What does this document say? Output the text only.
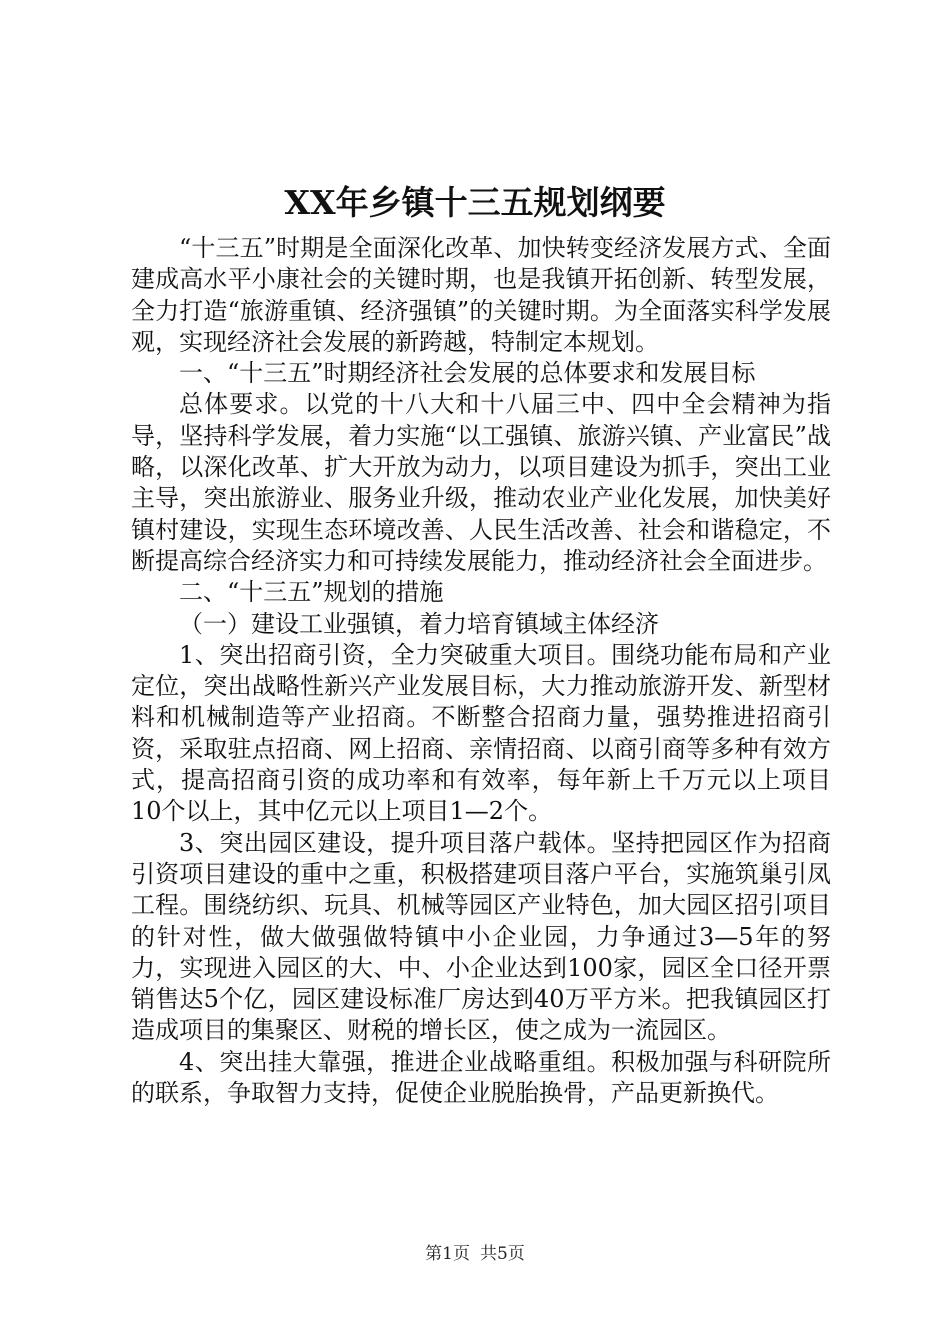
XX年乡镇十三五规划纲要

“十三五”时期是全面深化改革、加快转变经济发展方式、全面建成高水平小康社会的关键时期，也是我镇开拓创新、转型发展，全力打造“旅游重镇、经济强镇”的关键时期。为全面落实科学发展观，实现经济社会发展的新跨越，特制定本规划。

一、“十三五”时期经济社会发展的总体要求和发展目标

总体要求。以党的十八大和十八届三中、四中全会精神为指导，坚持科学发展，着力实施“以工强镇、旅游兴镇、产业富民”战略，以深化改革、扩大开放为动力，以项目建设为抓手，突出工业主导，突出旅游业、服务业升级，推动农业产业化发展，加快美好镇村建设，实现生态环境改善、人民生活改善、社会和谐稳定，不断提高综合经济实力和可持续发展能力，推动经济社会全面进步。

二、“十三五”规划的措施

（一）建设工业强镇，着力培育镇域主体经济

1、突出招商引资，全力突破重大项目。围绕功能布局和产业定位，突出战略性新兴产业发展目标，大力推动旅游开发、新型材料和机械制造等产业招商。不断整合招商力量，强势推进招商引资，采取驻点招商、网上招商、亲情招商、以商引商等多种有效方式，提高招商引资的成功率和有效率，每年新上千万元以上项目10个以上，其中亿元以上项目1—2个。

3、突出园区建设，提升项目落户载体。坚持把园区作为招商引资项目建设的重中之重，积极搭建项目落户平台，实施筑巢引凤工程。围绕纺织、玩具、机械等园区产业特色，加大园区招引项目的针对性，做大做强做特镇中小企业园，力争通过3—5年的努力，实现进入园区的大、中、小企业达到100家，园区全口径开票销售达5个亿，园区建设标准厂房达到40万平方米。把我镇园区打造成项目的集聚区、财税的增长区，使之成为一流园区。

4、突出挂大靠强，推进企业战略重组。积极加强与科研院所的联系，争取智力支持，促使企业脱胎换骨，产品更新换代。

第1页 共5页
